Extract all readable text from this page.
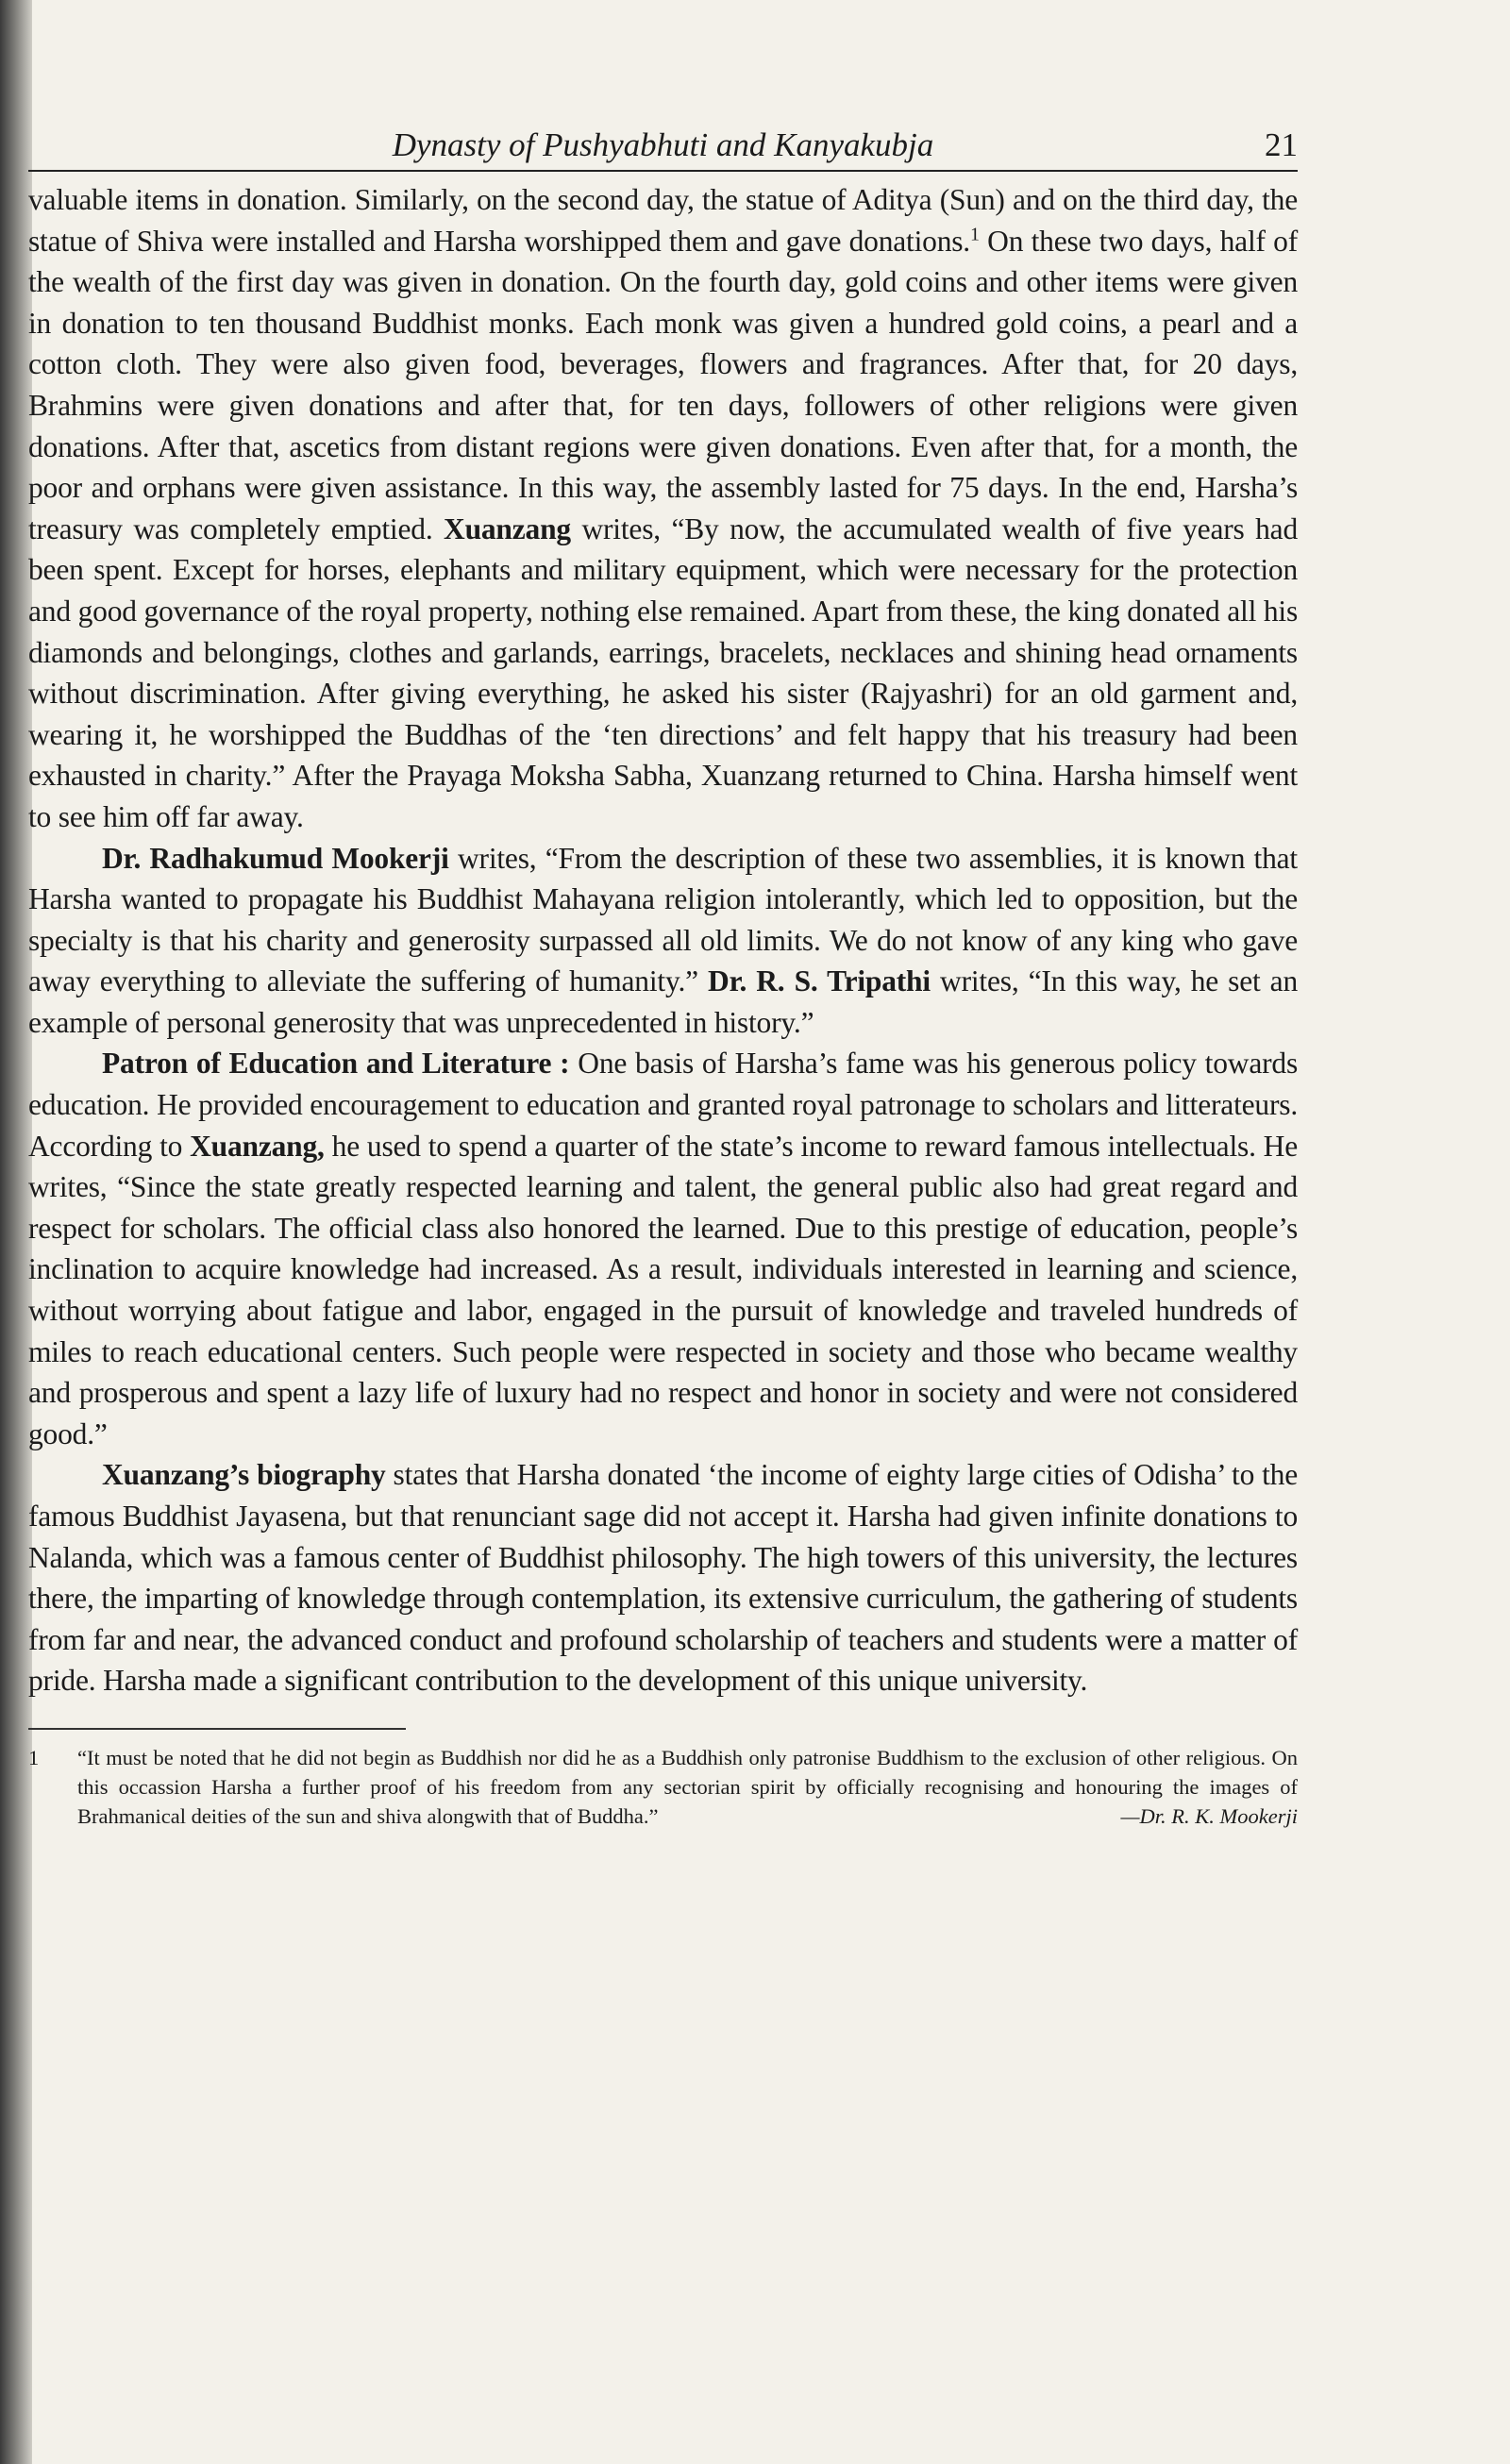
Dynasty of Pushyabhuti and Kanyakubja	21

valuable items in donation. Similarly, on the second day, the statue of Aditya (Sun) and on the third day, the statue of Shiva were installed and Harsha worshipped them and gave donations.$^1$ On these two days, half of the wealth of the first day was given in donation. On the fourth day, gold coins and other items were given in donation to ten thousand Buddhist monks. Each monk was given a hundred gold coins, a pearl and a cotton cloth. They were also given food, beverages, flowers and fragrances. After that, for 20 days, Brahmins were given donations and after that, for ten days, followers of other religions were given donations. After that, ascetics from distant regions were given donations. Even after that, for a month, the poor and orphans were given assistance. In this way, the assembly lasted for 75 days. In the end, Harsha’s treasury was completely emptied. Xuanzang writes, “By now, the accumulated wealth of five years had been spent. Except for horses, elephants and military equipment, which were necessary for the protection and good governance of the royal property, nothing else remained. Apart from these, the king donated all his diamonds and belongings, clothes and garlands, earrings, bracelets, necklaces and shining head ornaments without discrimination. After giving everything, he asked his sister (Rajyashri) for an old garment and, wearing it, he worshipped the Buddhas of the ‘ten directions’ and felt happy that his treasury had been exhausted in charity.” After the Prayaga Moksha Sabha, Xuanzang returned to China. Harsha himself went to see him off far away.

Dr. Radhakumud Mookerji writes, “From the description of these two assemblies, it is known that Harsha wanted to propagate his Buddhist Mahayana religion intolerantly, which led to opposition, but the specialty is that his charity and generosity surpassed all old limits. We do not know of any king who gave away everything to alleviate the suffering of humanity.” Dr. R. S. Tripathi writes, “In this way, he set an example of personal generosity that was unprecedented in history.”

Patron of Education and Literature : One basis of Harsha’s fame was his generous policy towards education. He provided encouragement to education and granted royal patronage to scholars and litterateurs. According to Xuanzang, he used to spend a quarter of the state’s income to reward famous intellectuals. He writes, “Since the state greatly respected learning and talent, the general public also had great regard and respect for scholars. The official class also honored the learned. Due to this prestige of education, people’s inclination to acquire knowledge had increased. As a result, individuals interested in learning and science, without worrying about fatigue and labor, engaged in the pursuit of knowledge and traveled hundreds of miles to reach educational centers. Such people were respected in society and those who became wealthy and prosperous and spent a lazy life of luxury had no respect and honor in society and were not considered good.”

Xuanzang’s biography states that Harsha donated ‘the income of eighty large cities of Odisha’ to the famous Buddhist Jayasena, but that renunciant sage did not accept it. Harsha had given infinite donations to Nalanda, which was a famous center of Buddhist philosophy. The high towers of this university, the lectures there, the imparting of knowledge through contemplation, its extensive curriculum, the gathering of students from far and near, the advanced conduct and profound scholarship of teachers and students were a matter of pride. Harsha made a significant contribution to the development of this unique university.

1 “It must be noted that he did not begin as Buddhish nor did he as a Buddhish only patronise Buddhism to the exclusion of other religious. On this occassion Harsha a further proof of his freedom from any sectorian spirit by officially recognising and honouring the images of Brahmanical deities of the sun and shiva alongwith that of Buddha.”	—Dr. R. K. Mookerji
